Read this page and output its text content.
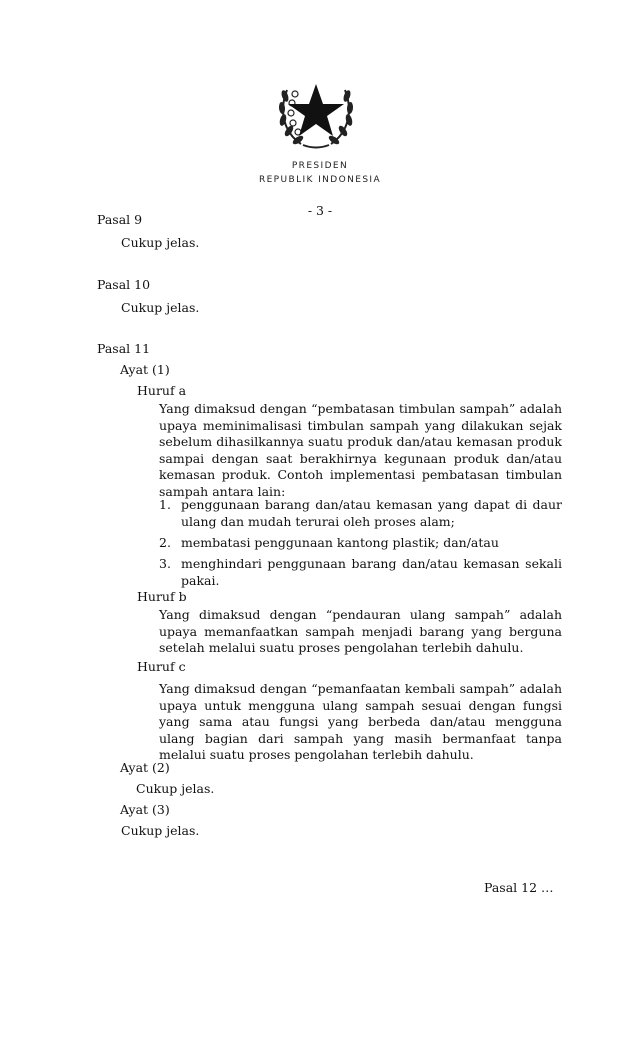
PRESIDEN
REPUBLIK INDONESIA
- 3 -
Pasal 9
Cukup jelas.
Pasal 10
Cukup jelas.
Pasal 11
Ayat (1)
Huruf a
Yang dimaksud dengan “pembatasan timbulan sampah” adalah upaya meminimalisasi timbulan sampah yang dilakukan sejak sebelum dihasilkannya suatu produk dan/atau kemasan produk sampai dengan saat berakhirnya kegunaan produk dan/atau kemasan produk. Contoh implementasi pembatasan timbulan sampah antara lain:
1. penggunaan barang dan/atau kemasan yang dapat di daur ulang dan mudah terurai oleh proses alam;
2. membatasi penggunaan kantong plastik; dan/atau
3. menghindari penggunaan barang dan/atau kemasan sekali pakai.
Huruf b
Yang dimaksud dengan “pendauran ulang sampah” adalah upaya memanfaatkan sampah menjadi barang yang berguna setelah melalui suatu proses pengolahan terlebih dahulu.
Huruf c
Yang dimaksud dengan “pemanfaatan kembali sampah” adalah upaya untuk mengguna ulang sampah sesuai dengan fungsi yang sama atau fungsi yang berbeda dan/atau mengguna ulang bagian dari sampah yang masih bermanfaat tanpa melalui suatu proses pengolahan terlebih dahulu.
Ayat (2)
Cukup jelas.
Ayat (3)
Cukup jelas.
Pasal 12 …
